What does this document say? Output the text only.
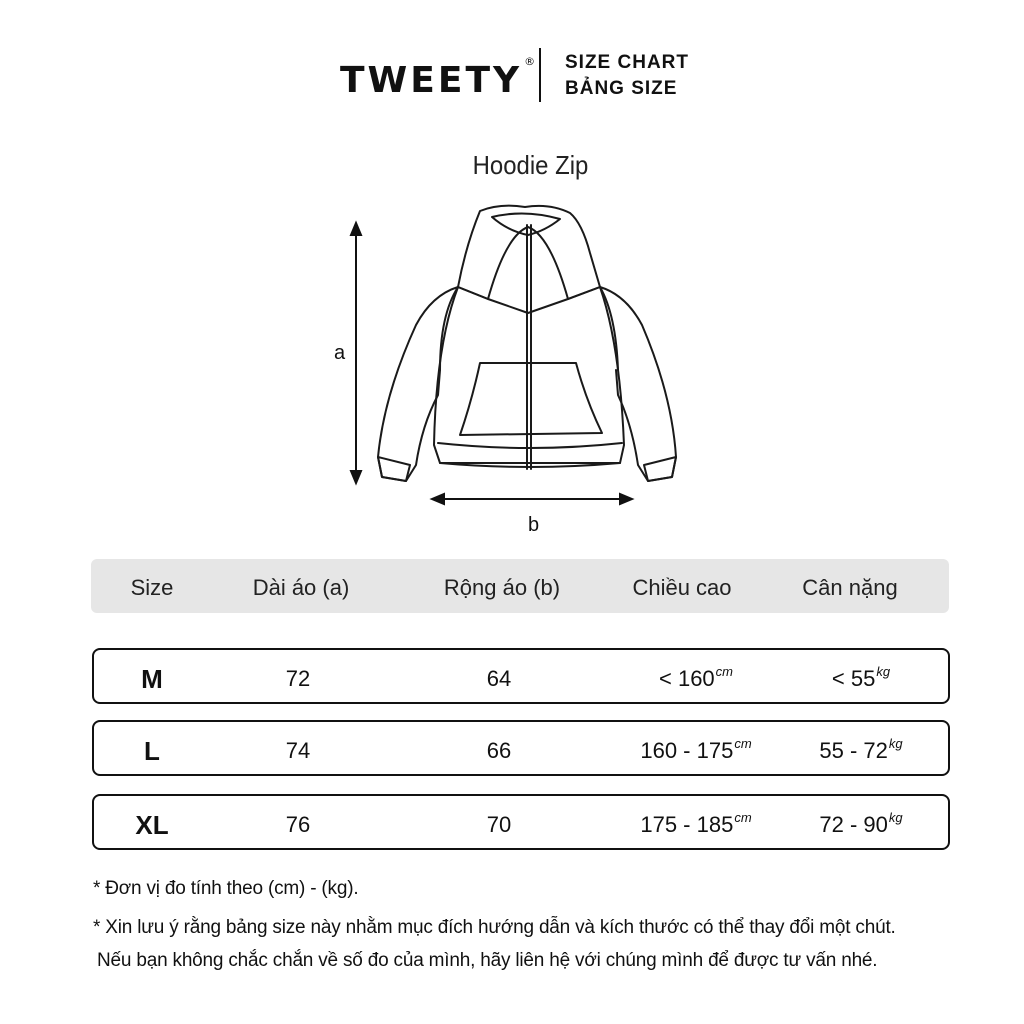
TWEETY ® SIZE CHART
BẢNG SIZE
Hoodie Zip
a
b
Size	Dài áo (a)	Rộng áo (b)	Chiều cao	Cân nặng
M	72	64	< $160^{cm}$	< $55^{kg}$
L	74	66	$160 - 175^{cm}$	$55 - 72^{kg}$
XL	76	70	$175 - 185^{cm}$	$72 - 90^{kg}$
* Đơn vị đo tính theo (cm) - (kg).
* Xin lưu ý rằng bảng size này nhằm mục đích hướng dẫn và kích thước có thể thay đổi một chút.
Nếu bạn không chắc chắn về số đo của mình, hãy liên hệ với chúng mình để được tư vấn nhé.
